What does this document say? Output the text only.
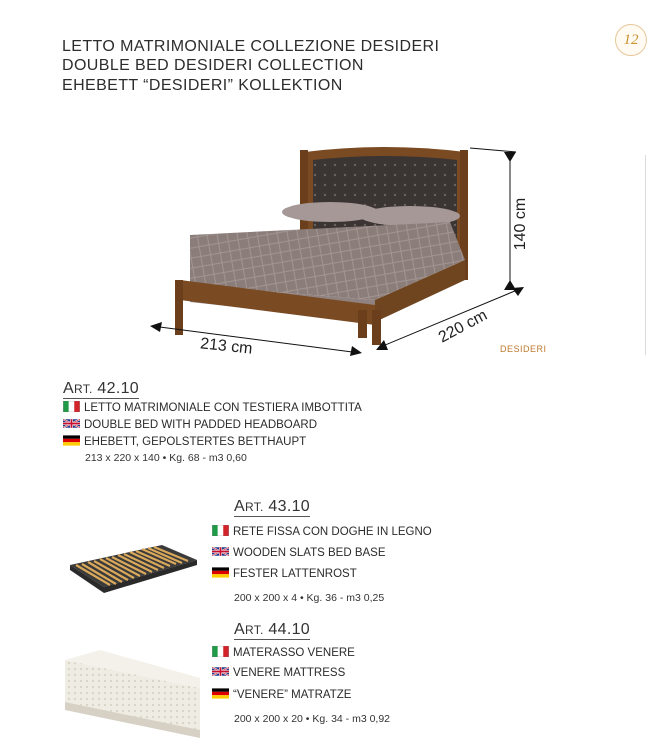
LETTO MATRIMONIALE COLLEZIONE DESIDERI
DOUBLE BED DESIDERI COLLECTION
EHEBETT “DESIDERI” KOLLEKTION
12
213 cm
220 cm
140 cm
DESIDERI
ART. 42.10
LETTO MATRIMONIALE CON TESTIERA IMBOTTITA
DOUBLE BED WITH PADDED HEADBOARD
EHEBETT, GEPOLSTERTES BETTHAUPT
213 x 220 x 140 • Kg. 68 - m3 0,60
ART. 43.10
RETE FISSA CON DOGHE IN LEGNO
WOODEN SLATS BED BASE
FESTER LATTENROST
200 x 200 x 4 • Kg. 36 - m3 0,25
ART. 44.10
MATERASSO VENERE
VENERE MATTRESS
“VENERE” MATRATZE
200 x 200 x 20 • Kg. 34 - m3 0,92
